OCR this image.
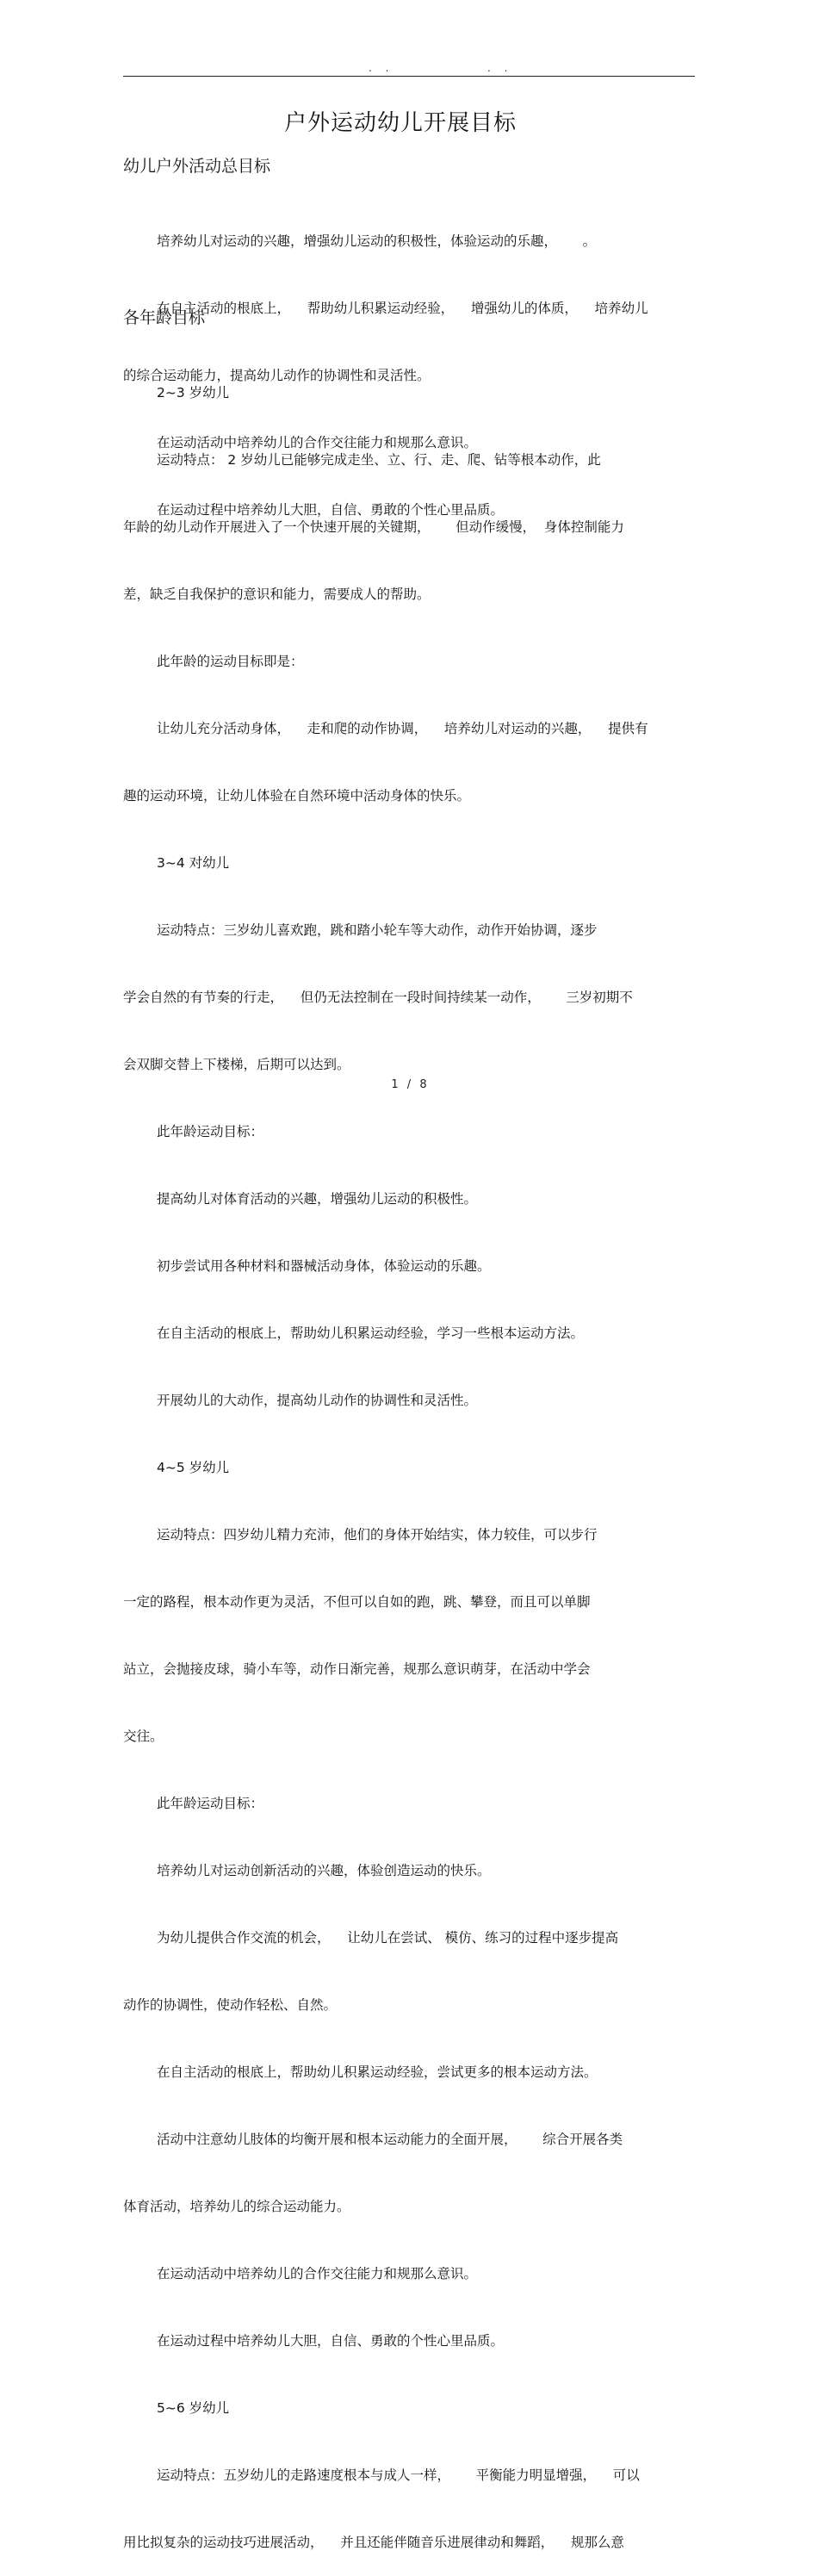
. .	. .
户外运动幼儿开展目标
幼儿户外活动总目标

培养幼儿对运动的兴趣，增强幼儿运动的积极性，体验运动的乐趣，      。

在自主活动的根底上，    帮助幼儿积累运动经验，    增强幼儿的体质，    培养幼儿

的综合运动能力，提高幼儿动作的协调性和灵活性。

在运动活动中培养幼儿的合作交往能力和规那么意识。

在运动过程中培养幼儿大胆，自信、勇敢的个性心里品质。

各年龄目标

2~3 岁幼儿

运动特点： 2 岁幼儿已能够完成走坐、立、行、走、爬、钻等根本动作，此

年龄的幼儿动作开展进入了一个快速开展的关键期，      但动作缓慢，  身体控制能力

差，缺乏自我保护的意识和能力，需要成人的帮助。

此年龄的运动目标即是：

让幼儿充分活动身体，    走和爬的动作协调，    培养幼儿对运动的兴趣，    提供有

趣的运动环境，让幼儿体验在自然环境中活动身体的快乐。

3~4 对幼儿

运动特点：三岁幼儿喜欢跑，跳和踏小轮车等大动作，动作开始协调，逐步

学会自然的有节奏的行走，    但仍无法控制在一段时间持续某一动作，      三岁初期不

会双脚交替上下楼梯，后期可以达到。

此年龄运动目标：

提高幼儿对体育活动的兴趣，增强幼儿运动的积极性。

初步尝试用各种材料和器械活动身体，体验运动的乐趣。

在自主活动的根底上，帮助幼儿积累运动经验，学习一些根本运动方法。

开展幼儿的大动作，提高幼儿动作的协调性和灵活性。

4~5 岁幼儿

运动特点：四岁幼儿精力充沛，他们的身体开始结实，体力较佳，可以步行

一定的路程，根本动作更为灵活，不但可以自如的跑，跳、攀登，而且可以单脚

站立，会抛接皮球，骑小车等，动作日渐完善，规那么意识萌芽，在活动中学会

交往。

此年龄运动目标：

培养幼儿对运动创新活动的兴趣，体验创造运动的快乐。

为幼儿提供合作交流的机会，    让幼儿在尝试、 模仿、练习的过程中逐步提高

动作的协调性，使动作轻松、自然。

在自主活动的根底上，帮助幼儿积累运动经验，尝试更多的根本运动方法。

活动中注意幼儿肢体的均衡开展和根本运动能力的全面开展，      综合开展各类

体育活动，培养幼儿的综合运动能力。

在运动活动中培养幼儿的合作交往能力和规那么意识。

在运动过程中培养幼儿大胆，自信、勇敢的个性心里品质。

5~6 岁幼儿

运动特点：五岁幼儿的走路速度根本与成人一样，      平衡能力明显增强，    可以

用比拟复杂的运动技巧进展活动，    并且还能伴随音乐进展律动和舞蹈，    规那么意

1 / 8
